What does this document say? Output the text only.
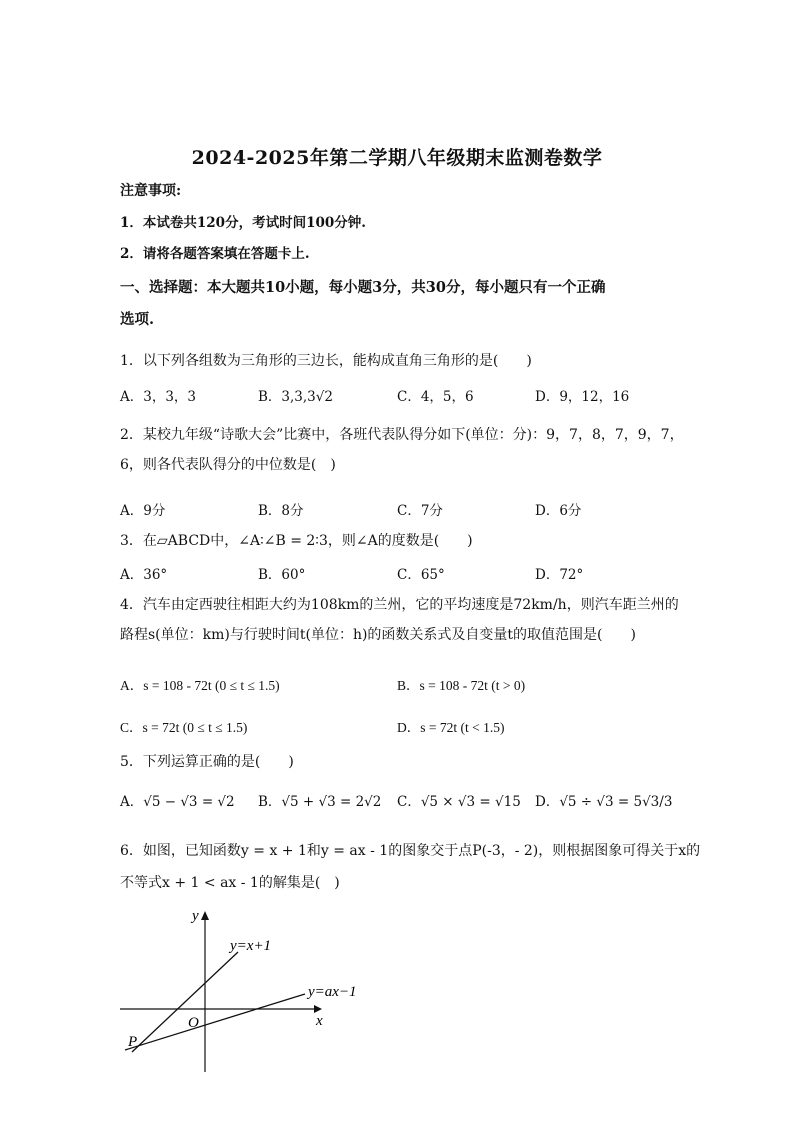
2024-2025年第二学期八年级期末监测卷数学
注意事项:
1．本试卷共120分，考试时间100分钟.
2．请将各题答案填在答题卡上.
一、选择题：本大题共10小题，每小题3分，共30分，每小题只有一个正确
选项.
1．以下列各组数为三角形的三边长，能构成直角三角形的是(　　)
A．3，3，3	B．3,3,3√2	C．4，5，6	D．9，12，16
2．某校九年级“诗歌大会”比赛中，各班代表队得分如下(单位：分)：9，7，8，7，9，7，
6，则各代表队得分的中位数是(　)
A．9分	B．8分	C．7分	D．6分
3．在▱ABCD中，∠A∶∠B = 2∶3，则∠A的度数是(　　)
A．36°	B．60°	C．65°	D．72°
4．汽车由定西驶往相距大约为108km的兰州，它的平均速度是72km/h，则汽车距兰州的
路程s(单位：km)与行驶时间t(单位：h)的函数关系式及自变量t的取值范围是(　　)
A．s = 108 - 72t (0 ≤ t ≤ 1.5)	B．s = 108 - 72t (t > 0)
C．s = 72t (0 ≤ t ≤ 1.5)	D．s = 72t (t < 1.5)
5．下列运算正确的是(　　)
A．√5 − √3 = √2 B．√5 + √3 = 2√2 C．√5 × √3 = √15 D．√5 ÷ √3 = 5√3/3
6．如图，已知函数y = x + 1和y = ax - 1的图象交于点P(-3，- 2)，则根据图象可得关于x的
不等式x + 1 < ax - 1的解集是(　)
y
x
O
P
y=x+1
y=ax−1
